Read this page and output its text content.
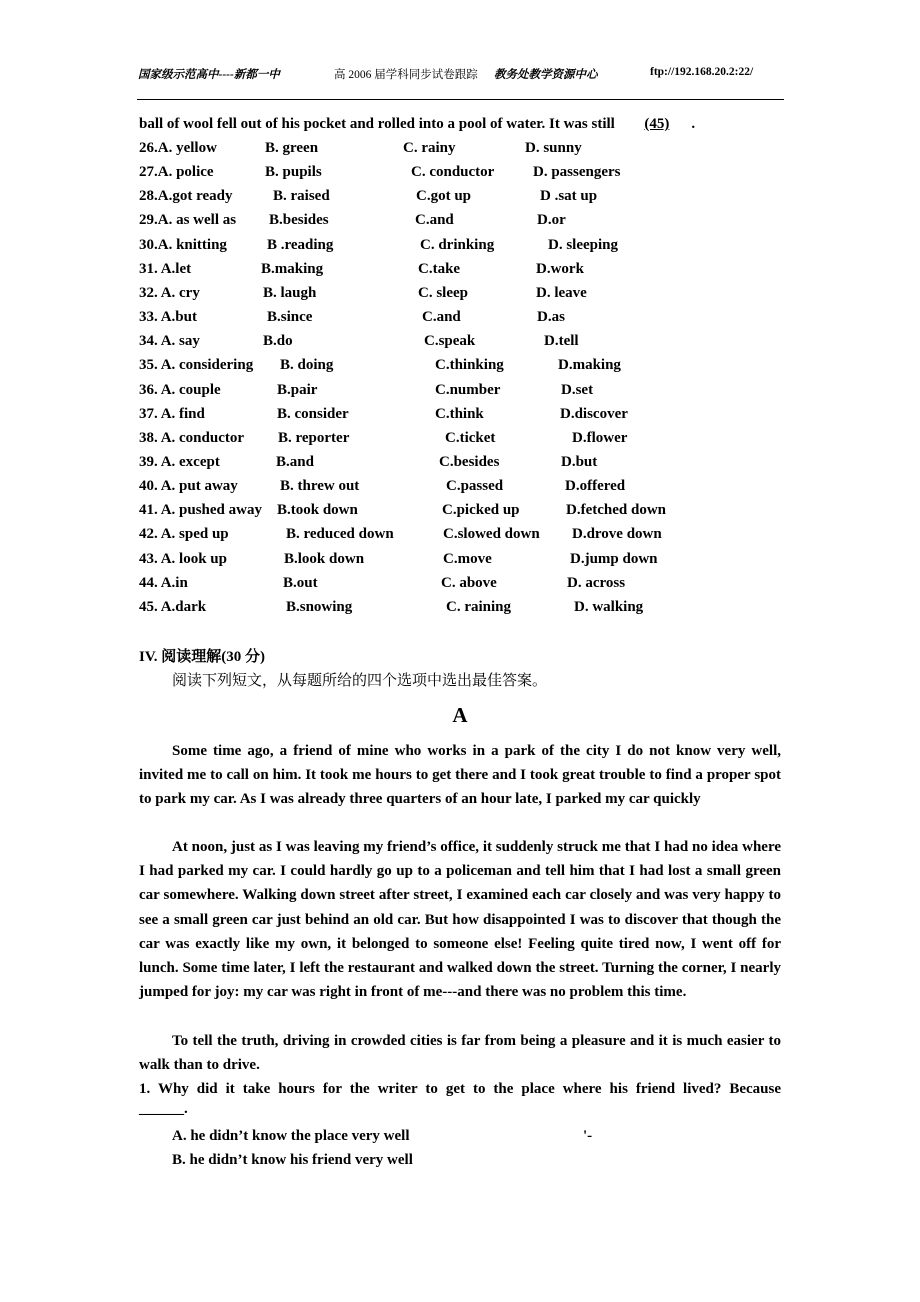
国家级示范高中----新都一中	高 2006 届学科同步试卷跟踪 教务处教学资源中心	ftp://192.168.20.2:22/
ball of wool fell out of his pocket and rolled into a pool of water. It was still (45) .
26.A. yellow	B. green	C. rainy	D. sunny
27.A. police	B. pupils	C. conductor	D. passengers
28.A.got ready	B. raised	C.got up	D .sat up
29.A. as well as B.besides	C.and	D.or
30.A. knitting	B .reading	C. drinking	D. sleeping
31. A.let	B.making	C.take	D.work
32. A. cry	B. laugh	C. sleep	D. leave
33. A.but	B.since	C.and	D.as
34. A. say	B.do	C.speak	D.tell
35. A. considering B. doing	C.thinking	D.making
36. A. couple	B.pair	C.number	D.set
37. A. find	B. consider	C.think	D.discover
38. A. conductor B. reporter	C.ticket	D.flower
39. A. except	B.and	C.besides	D.but
40. A. put away	B. threw out	C.passed	D.offered
41. A. pushed away B.took down	C.picked up	D.fetched down
42. A. sped up	B. reduced down	C.slowed down D.drove down
43. A. look up	B.look down	C.move	D.jump down
44. A.in	B.out	C. above	D. across
45. A.dark	B.snowing	C. raining	D. walking
IV. 阅读理解(30 分)
阅读下列短文，从每题所给的四个选项中选出最佳答案。
A
Some time ago, a friend of mine who works in a park of the city I do not know very well, invited me to call on him. It took me hours to get there and I took great trouble to find a proper spot to park my car. As I was already three quarters of an hour late, I parked my car quickly
At noon, just as I was leaving my friend’s office, it suddenly struck me that I had no idea where I had parked my car. I could hardly go up to a policeman and tell him that I had lost a small green car somewhere. Walking down street after street, I examined each car closely and was very happy to see a small green car just behind an old car. But how disappointed I was to discover that though the car was exactly like my own, it belonged to someone else! Feeling quite tired now, I went off for lunch. Some time later, I left the restaurant and walked down the street. Turning the corner, I nearly jumped for joy: my car was right in front of me---and there was no problem this time.
To tell the truth, driving in crowded cities is far from being a pleasure and it is much easier to walk than to drive.
1. Why did it take hours for the writer to get to the place where his friend lived? Because
______.
A. he didn’t know the place very well	'-
B. he didn’t know his friend very well
